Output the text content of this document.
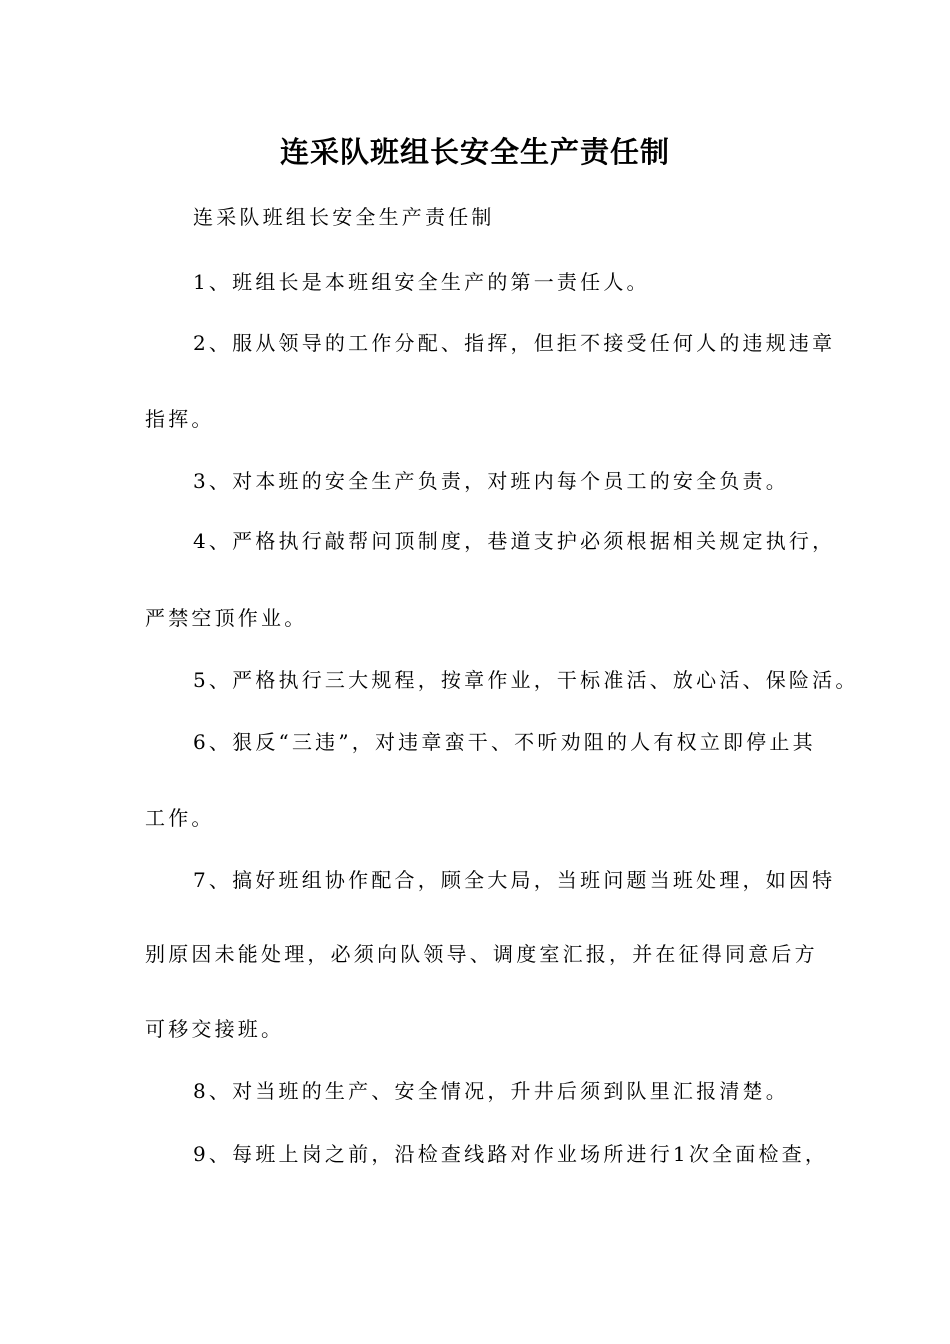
连采队班组长安全生产责任制
连采队班组长安全生产责任制
1、班组长是本班组安全生产的第一责任人。
2、服从领导的工作分配、指挥，但拒不接受任何人的违规违章
指挥。
3、对本班的安全生产负责，对班内每个员工的安全负责。
4、严格执行敲帮问顶制度，巷道支护必须根据相关规定执行，
严禁空顶作业。
5、严格执行三大规程，按章作业，干标准活、放心活、保险活。
6、狠反“三违”，对违章蛮干、不听劝阻的人有权立即停止其
工作。
7、搞好班组协作配合，顾全大局，当班问题当班处理，如因特
别原因未能处理，必须向队领导、调度室汇报，并在征得同意后方
可移交接班。
8、对当班的生产、安全情况，升井后须到队里汇报清楚。
9、每班上岗之前，沿检查线路对作业场所进行1次全面检查，
